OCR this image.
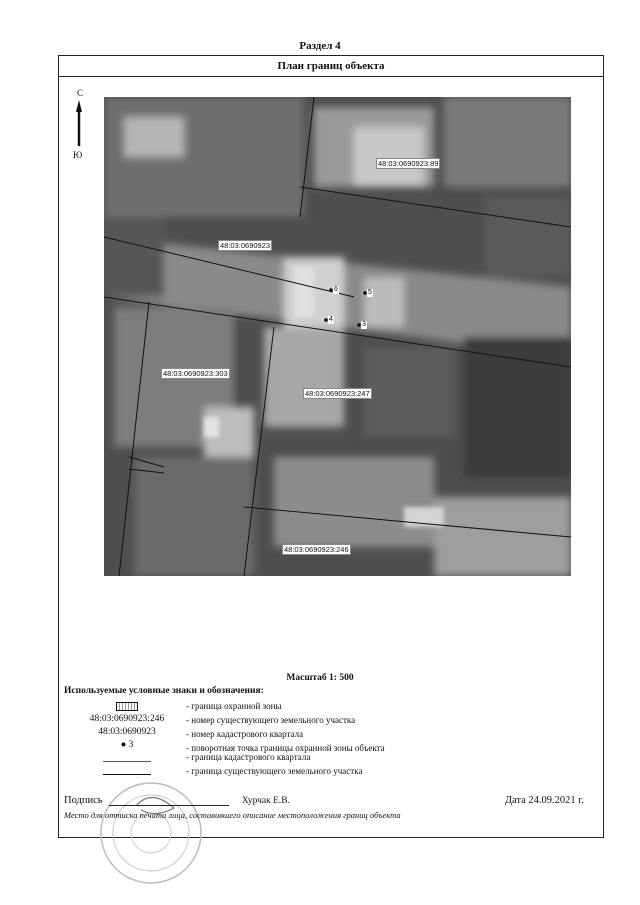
Раздел 4
План границ объекта
С
Ю
48:03:0690923:89
48:03:0690923
48:03:0690923:303
48:03:0690923:247
48:03:0690923:246
6	5
4
3
Масштаб 1: 500
Используемые условные знаки и обозначения:
- граница охранной зоны
48:03:0690923:246	- номер существующего земельного участка
48:03:0690923	- номер кадастрового квартала
● 3	- поворотная точка границы охранной зоны объекта
- граница кадастрового квартала
- граница существующего земельного участка
Подпись	Хурчак Е.В.	Дата 24.09.2021 г.
Место для оттиска печати лица, составившего описание местоположения границ объекта
